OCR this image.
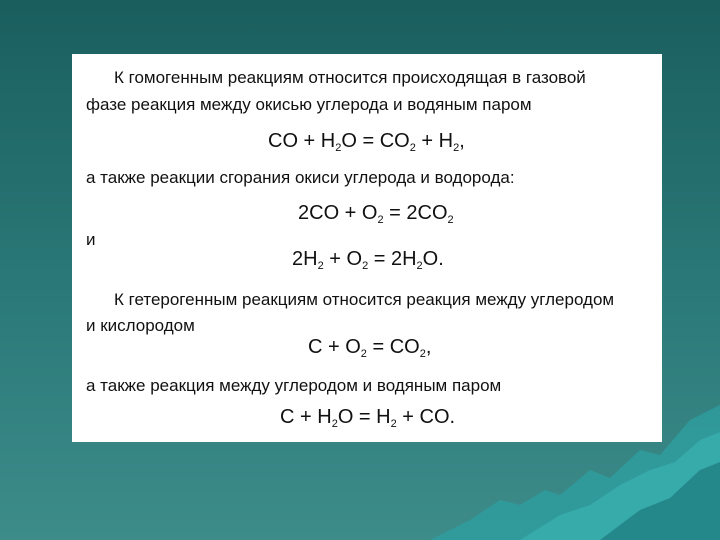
К гомогенным реакциям относится происходящая в газовой
фазе реакция между окисью углерода и водяным паром
CO + $H_2O = CO_2 + H_2$,
а также реакции сгорания окиси углерода и водорода:
$2CO + O_2 = 2CO_2$
и
$2H_2 + O_2 = 2H_2O$.
К гетерогенным реакциям относится реакция между углеродом
и кислородом
$C + O_2 = CO_2$,
а также реакция между углеродом и водяным паром
$C + H_2O = H_2$ + CO.
